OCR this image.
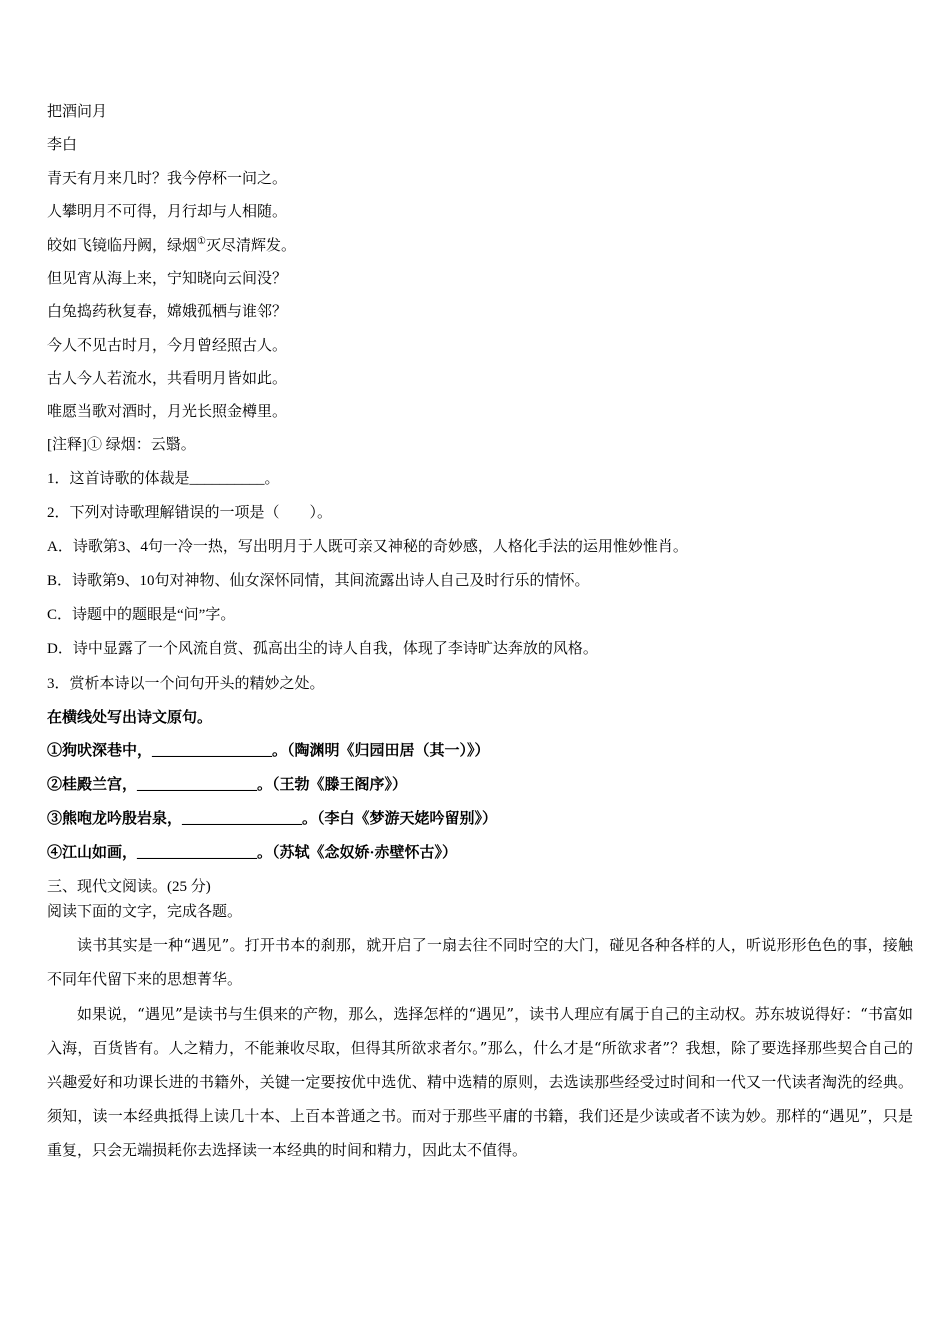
把酒问月
李白
青天有月来几时？我今停杯一问之。
人攀明月不可得，月行却与人相随。
皎如飞镜临丹阙，绿烟①灭尽清辉发。
但见宵从海上来，宁知晓向云间没？
白兔捣药秋复春，嫦娥孤栖与谁邻？
今人不见古时月，今月曾经照古人。
古人今人若流水，共看明月皆如此。
唯愿当歌对酒时，月光长照金樽里。
[注释]① 绿烟：云翳。
1．这首诗歌的体裁是__________。
2．下列对诗歌理解错误的一项是（　　）。
A．诗歌第3、4句一冷一热，写出明月于人既可亲又神秘的奇妙感，人格化手法的运用惟妙惟肖。
B．诗歌第9、10句对神物、仙女深怀同情，其间流露出诗人自己及时行乐的情怀。
C．诗题中的题眼是“问”字。
D．诗中显露了一个风流自赏、孤高出尘的诗人自我，体现了李诗旷达奔放的风格。
3．赏析本诗以一个问句开头的精妙之处。
在横线处写出诗文原句。
①狗吠深巷中，________________。（陶渊明《归园田居（其一）》）
②桂殿兰宫，________________。（王勃《滕王阁序》）
③熊咆龙吟殷岩泉，________________。（李白《梦游天姥吟留别》）
④江山如画，________________。（苏轼《念奴娇·赤壁怀古》）
三、现代文阅读。(25 分)
阅读下面的文字，完成各题。
读书其实是一种“遇见”。打开书本的刹那，就开启了一扇去往不同时空的大门，碰见各种各样的人，听说形形色色的事，接触不同年代留下来的思想菁华。
如果说，“遇见”是读书与生俱来的产物，那么，选择怎样的“遇见”，读书人理应有属于自己的主动权。苏东坡说得好：“书富如入海，百货皆有。人之精力，不能兼收尽取，但得其所欲求者尔。”那么，什么才是“所欲求者”？我想，除了要选择那些契合自己的兴趣爱好和功课长进的书籍外，关键一定要按优中选优、精中选精的原则，去选读那些经受过时间和一代又一代读者淘洗的经典。须知，读一本经典抵得上读几十本、上百本普通之书。而对于那些平庸的书籍，我们还是少读或者不读为妙。那样的“遇见”，只是重复，只会无端损耗你去选择读一本经典的时间和精力，因此太不值得。
